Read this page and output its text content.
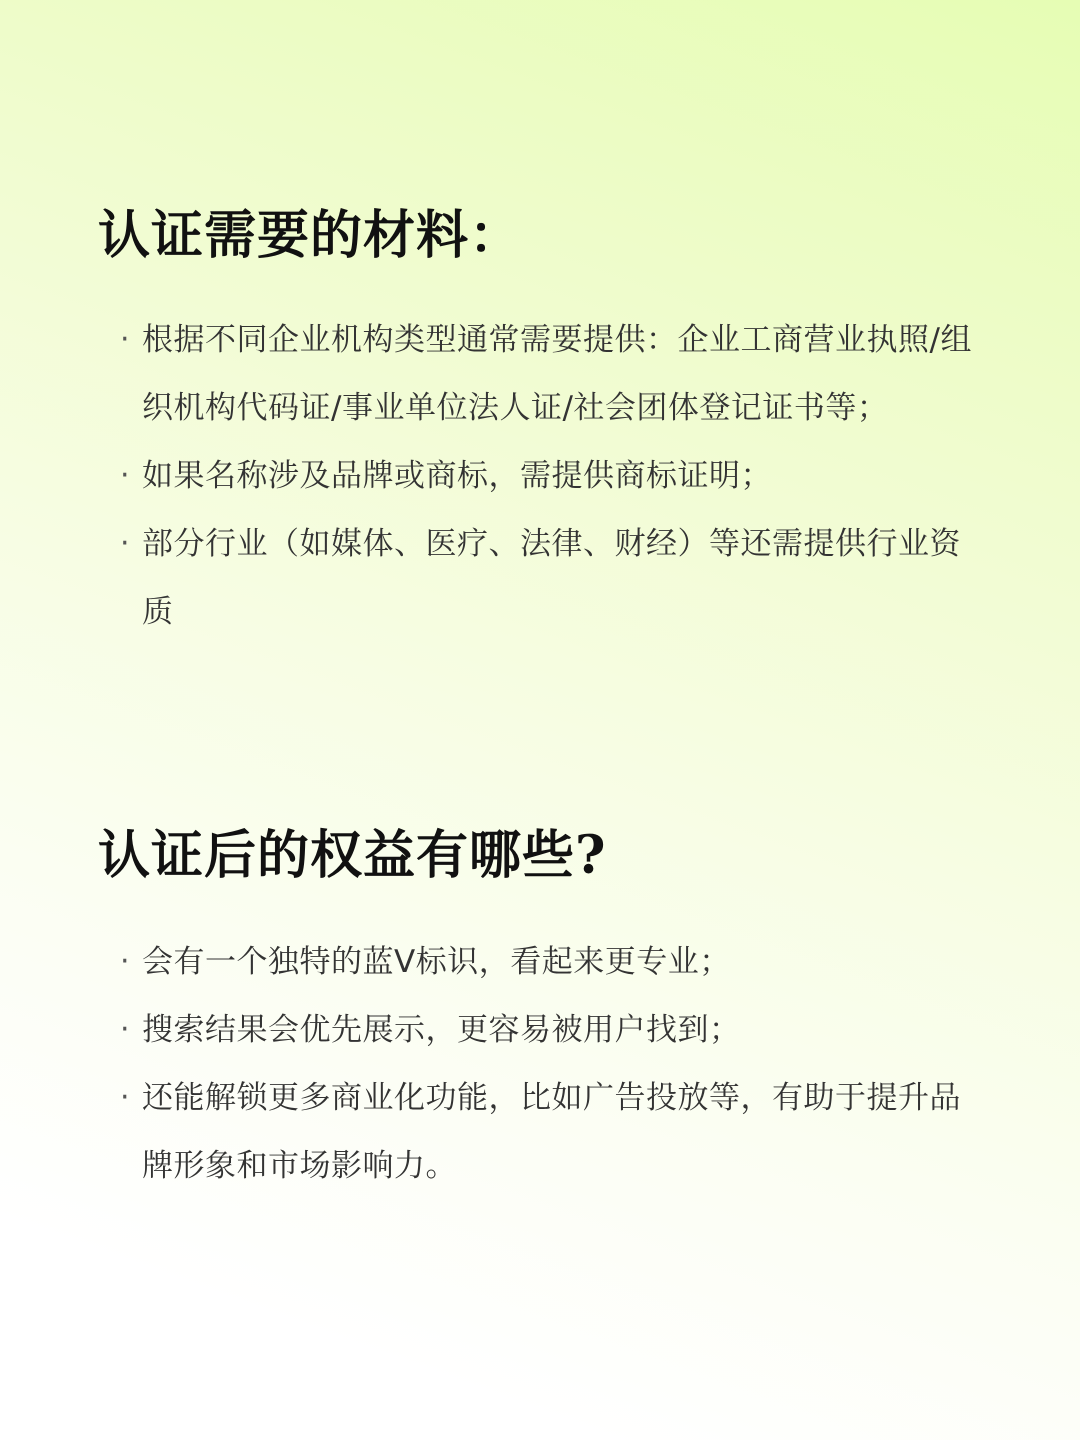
认证需要的材料：
· 根据不同企业机构类型通常需要提供：企业工商营业执照/组织机构代码证/事业单位法人证/社会团体登记证书等；
· 如果名称涉及品牌或商标，需提供商标证明；
· 部分行业（如媒体、医疗、法律、财经）等还需提供行业资质
认证后的权益有哪些?
· 会有一个独特的蓝V标识，看起来更专业；
· 搜索结果会优先展示，更容易被用户找到；
· 还能解锁更多商业化功能，比如广告投放等，有助于提升品牌形象和市场影响力。
